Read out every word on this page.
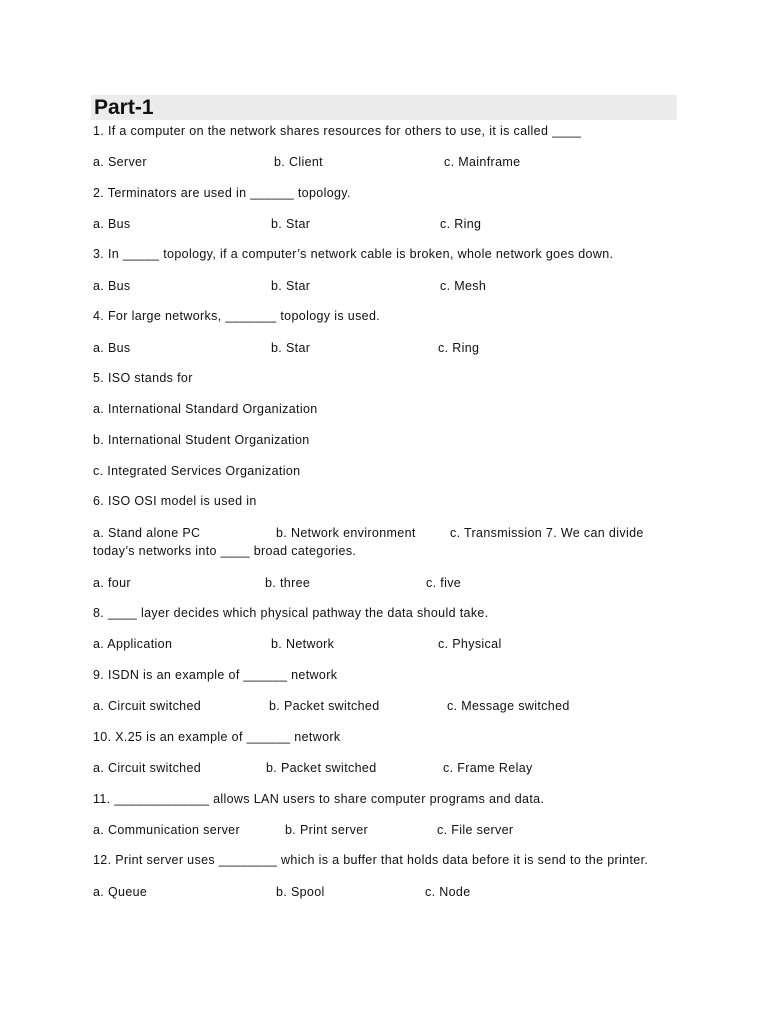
Part-1
1. If a computer on the network shares resources for others to use, it is called ____
a. Server	b. Client	c. Mainframe
2. Terminators are used in ______ topology.
a. Bus	b. Star	c. Ring
3. In _____ topology, if a computer’s network cable is broken, whole network goes down.
a. Bus	b. Star	c. Mesh
4. For large networks, _______ topology is used.
a. Bus	b. Star	c. Ring
5. ISO stands for
a. International Standard Organization
b. International Student Organization
c. Integrated Services Organization
6. ISO OSI model is used in
a. Stand alone PC	b. Network environment	c. Transmission 7. We can divide
today’s networks into ____ broad categories.
a. four	b. three	c. five
8. ____ layer decides which physical pathway the data should take.
a. Application	b. Network	c. Physical
9. ISDN is an example of ______ network
a. Circuit switched	b. Packet switched	c. Message switched
10. X.25 is an example of ______ network
a. Circuit switched	b. Packet switched	c. Frame Relay
11. _____________ allows LAN users to share computer programs and data.
a. Communication server	b. Print server	c. File server
12. Print server uses ________ which is a buffer that holds data before it is send to the printer.
a. Queue	b. Spool	c. Node
